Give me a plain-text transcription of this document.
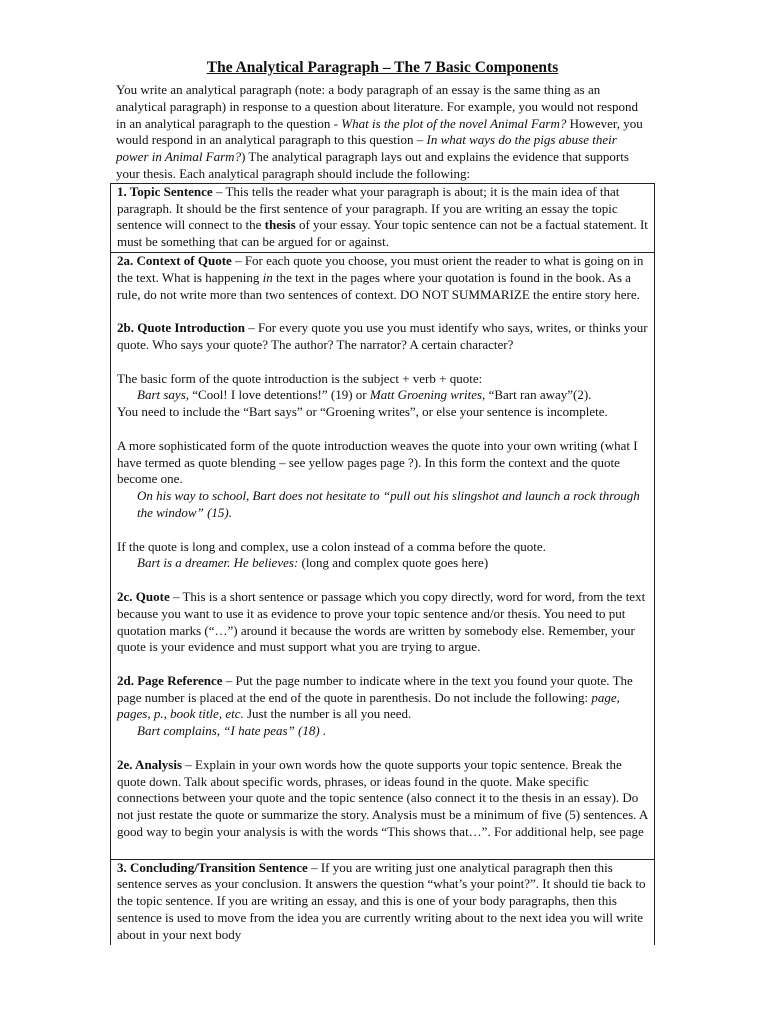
The Analytical Paragraph – The 7 Basic Components

You write an analytical paragraph (note: a body paragraph of an essay is the same thing as an analytical paragraph) in response to a question about literature. For example, you would not respond in an analytical paragraph to the question - What is the plot of the novel Animal Farm? However, you would respond in an analytical paragraph to this question – In what ways do the pigs abuse their power in Animal Farm?) The analytical paragraph lays out and explains the evidence that supports your thesis. Each analytical paragraph should include the following:

1. Topic Sentence – This tells the reader what your paragraph is about; it is the main idea of that paragraph. It should be the first sentence of your paragraph. If you are writing an essay the topic sentence will connect to the thesis of your essay. Your topic sentence can not be a factual statement. It must be something that can be argued for or against.

2a. Context of Quote – For each quote you choose, you must orient the reader to what is going on in the text. What is happening in the text in the pages where your quotation is found in the book. As a rule, do not write more than two sentences of context. DO NOT SUMMARIZE the entire story here.

2b. Quote Introduction – For every quote you use you must identify who says, writes, or thinks your quote. Who says your quote? The author? The narrator? A certain character?

The basic form of the quote introduction is the subject + verb + quote:

Bart says, “Cool! I love detentions!” (19) or Matt Groening writes, “Bart ran away”(2).

You need to include the “Bart says” or “Groening writes”, or else your sentence is incomplete.

A more sophisticated form of the quote introduction weaves the quote into your own writing (what I have termed as quote blending – see yellow pages page ?). In this form the context and the quote become one.

On his way to school, Bart does not hesitate to “pull out his slingshot and launch a rock through the window” (15).

If the quote is long and complex, use a colon instead of a comma before the quote.

Bart is a dreamer. He believes: (long and complex quote goes here)

2c. Quote – This is a short sentence or passage which you copy directly, word for word, from the text because you want to use it as evidence to prove your topic sentence and/or thesis. You need to put quotation marks (“…”) around it because the words are written by somebody else. Remember, your quote is your evidence and must support what you are trying to argue.

2d. Page Reference – Put the page number to indicate where in the text you found your quote. The page number is placed at the end of the quote in parenthesis. Do not include the following: page, pages, p., book title, etc. Just the number is all you need.

Bart complains, “I hate peas” (18) .

2e. Analysis – Explain in your own words how the quote supports your topic sentence. Break the quote down. Talk about specific words, phrases, or ideas found in the quote. Make specific connections between your quote and the topic sentence (also connect it to the thesis in an essay). Do not just restate the quote or summarize the story. Analysis must be a minimum of five (5) sentences. A good way to begin your analysis is with the words “This shows that…”. For additional help, see page

3. Concluding/Transition Sentence – If you are writing just one analytical paragraph then this sentence serves as your conclusion. It answers the question “what’s your point?”. It should tie back to the topic sentence. If you are writing an essay, and this is one of your body paragraphs, then this sentence is used to move from the idea you are currently writing about to the next idea you will write about in your next body
